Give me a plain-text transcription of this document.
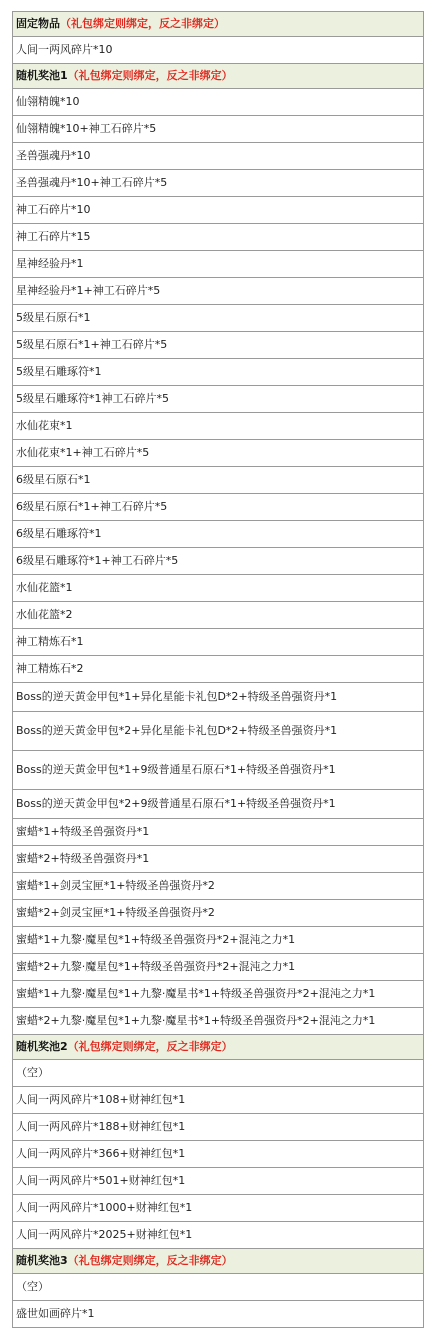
固定物品（礼包绑定则绑定，反之非绑定）
人间一两风碎片*10
随机奖池1（礼包绑定则绑定，反之非绑定）
仙翎精魄*10
仙翎精魄*10+神工石碎片*5
圣兽强魂丹*10
圣兽强魂丹*10+神工石碎片*5
神工石碎片*10
神工石碎片*15
星神经验丹*1
星神经验丹*1+神工石碎片*5
5级星石原石*1
5级星石原石*1+神工石碎片*5
5级星石雕琢符*1
5级星石雕琢符*1神工石碎片*5
水仙花束*1
水仙花束*1+神工石碎片*5
6级星石原石*1
6级星石原石*1+神工石碎片*5
6级星石雕琢符*1
6级星石雕琢符*1+神工石碎片*5
水仙花篮*1
水仙花篮*2
神工精炼石*1
神工精炼石*2
Boss的逆天黄金甲包*1+异化星能卡礼包D*2+特级圣兽强资丹*1
Boss的逆天黄金甲包*2+异化星能卡礼包D*2+特级圣兽强资丹*1
Boss的逆天黄金甲包*1+9级普通星石原石*1+特级圣兽强资丹*1
Boss的逆天黄金甲包*2+9级普通星石原石*1+特级圣兽强资丹*1
蜜蜡*1+特级圣兽强资丹*1
蜜蜡*2+特级圣兽强资丹*1
蜜蜡*1+剑灵宝匣*1+特级圣兽强资丹*2
蜜蜡*2+剑灵宝匣*1+特级圣兽强资丹*2
蜜蜡*1+九黎·魔星包*1+特级圣兽强资丹*2+混沌之力*1
蜜蜡*2+九黎·魔星包*1+特级圣兽强资丹*2+混沌之力*1
蜜蜡*1+九黎·魔星包*1+九黎·魔星书*1+特级圣兽强资丹*2+混沌之力*1
蜜蜡*2+九黎·魔星包*1+九黎·魔星书*1+特级圣兽强资丹*2+混沌之力*1
随机奖池2（礼包绑定则绑定，反之非绑定）
（空）
人间一两风碎片*108+财神红包*1
人间一两风碎片*188+财神红包*1
人间一两风碎片*366+财神红包*1
人间一两风碎片*501+财神红包*1
人间一两风碎片*1000+财神红包*1
人间一两风碎片*2025+财神红包*1
随机奖池3（礼包绑定则绑定，反之非绑定）
（空）
盛世如画碎片*1
